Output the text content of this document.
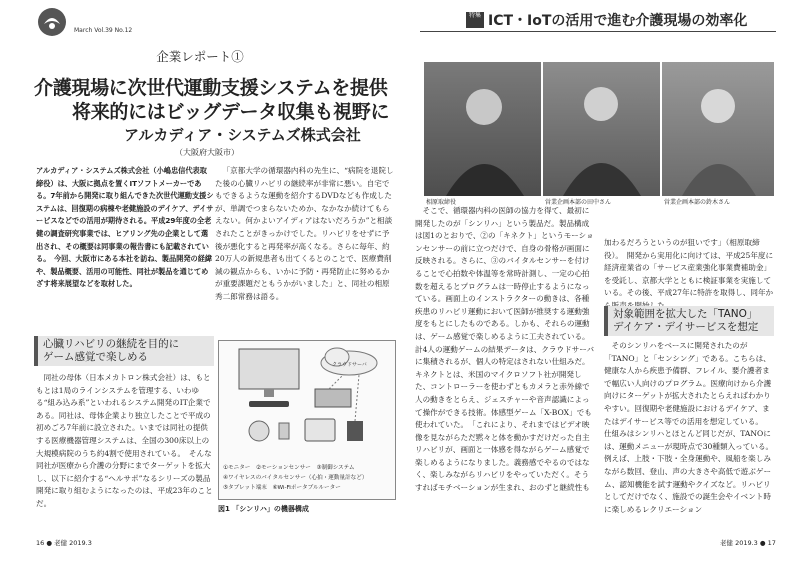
March Vol.39 No.12
特集 ICT・IoTの活用で進む介護現場の効率化
企業レポート①
介護現場に次世代運動支援システムを提供
将来的にはビッグデータ収集も視野に
アルカディア・システムズ株式会社
（大阪府大阪市）

アルカディア・システムズ株式会社（小嶋忠信代表取締役）は、大阪に拠点を置くITソフトメーカーである。7年前から開発に取り組んできた次世代運動支援システムは、回復期の病棟や老健施設のデイケア、デイサービスなどでの活用が期待される。平成29年度の全老健の調査研究事業では、ヒアリング先の企業として選出され、その概要は同事業の報告書にも記載されている。　今回、大阪市にある本社を訪ね、製品開発の経緯や、製品概要、活用の可能性、同社が製品を通じてめざす将来展望などを取材した。

「京都大学の循環器内科の先生に、“病院を退院した後の心臓リハビリの継続率が非常に悪い。自宅でもできるような運動を紹介するDVDなども作成したが、単調でつまらないためか、なかなか続けてもらえない。何かよいアイディアはないだろうか”と相談されたことがきっかけでした。リハビリをせずに予後が悪化すると再発率が高くなる。さらに毎年、約20万人の新規患者も出てくるとのことで、医療費削減の観点からも、いかに予防・再発防止に努めるかが重要課題だともうかがいました」と、同社の相原秀二郎常務は語る。

心臓リハビリの継続を目的に
ゲーム感覚で楽しめる

同社の母体（日本メカトロン株式会社）は、もともとは1局のラインシステムを管理する、いわゆる“組み込み系”といわれるシステム開発のIT企業である。同社は、母体企業より独立したことで平成の初めごろ7年前に設立された。いまでは同社の提供する医療機器管理システムは、全国の300床以上の大規模病院のうち約4割で使用されている。　そんな同社が医療から介護の分野にまでターゲットを拡大し、以下に紹介する“ヘルサポ”なるシリーズの製品開発に取り組むようになったのは、平成23年のことだ。

クラウドサーバ
①モニター　②モーションセンサー　③制御システム
④ワイヤレスのバイタルセンサー（心拍・運動量計など）
⑤タブレット端末　⑥Wi-Fiポータブルルーター
図1 「シンリハ」の機器構成
相原取締役	営業企画本部の田中さん	営業企画本部の鈴木さん

そこで、循環器内科の医師の協力を得て、最初に開発したのが「シンリハ」という製品だ。製品構成は図1のとおりで、②の「キネクト」というモーションセンサーの前に立つだけで、自身の骨格が画面に反映される。さらに、③のバイタルセンサーを付けることで心拍数や体温等を常時計測し、一定の心拍数を超えるとプログラムは一時停止するようになっている。画面上のインストラクターの動きは、各種疾患のリハビリ運動において医師が推奨する運動強度をもとにしたものである。しかも、それらの運動は、ゲーム感覚で楽しめるように工夫されている。計4人の運動ゲームの結果データは、クラウドサーバに集積されるが、個人の特定はされない仕組みだ。　キネクトとは、米国のマイクロソフト社が開発した、コントローラーを使わずともカメラと赤外線で人の動きをとらえ、ジェスチャーや音声認識によって操作ができる技術。体感型ゲーム「X-BOX」でも使われていた。　「これにより、それまではビデオ映像を見ながらただ黙々と体を動かすだけだった自主リハビリが、画面と一体感を得ながらゲーム感覚で楽しめるようになりました。義務感でやるのではなく、楽しみながらリハビリをやっていただく。そうすればモチベーションが生まれ、おのずと継続性も

加わるだろうというのが狙いです」（相原取締役）。　開発から実用化に向けては、平成25年度に経済産業省の「サービス産業強化事業費補助金」を受託し、京都大学とともに検証事業を実施している。その後、平成27年に特許を取得し、同年か

対象範囲を拡大した「TANO」
デイケア・デイサービスを想定

そのシンリハをベースに開発されたのが「TANO」と「センシング」である。こちらは、健康な人から疾患予備群、フレイル、要介護者まで幅広い人向けのプログラム。医療向けから介護向けにターゲットが拡大されたとらえればわかりやすい。回復期や老健施設におけるデイケア、またはデイサービス等での活用を想定している。　仕組みはシンリハとほとんど同じだが、TANOには、運動メニューが現時点で30種類入っている。例えば、上肢・下肢・全身運動や、風船を楽しみながら数回、登山、声の大きさや高低で遊ぶゲーム、認知機能を試す運動やクイズなど。リハビリとしてだけでなく、施設での誕生会やイベント時に楽しめるレクリエーション

16 ● 老健 2019.3	老健 2019.3 ● 17
